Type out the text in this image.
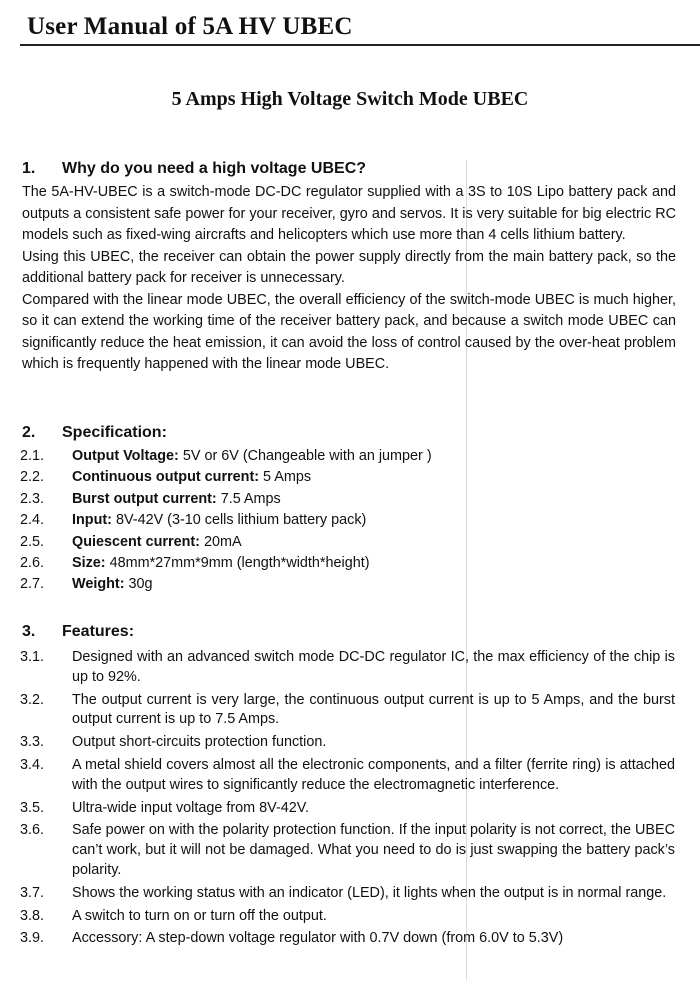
User Manual of 5A HV UBEC
5 Amps High Voltage Switch Mode UBEC
1. Why do you need a high voltage UBEC?

The 5A-HV-UBEC is a switch-mode DC-DC regulator supplied with a 3S to 10S Lipo battery pack and outputs a consistent safe power for your receiver, gyro and servos. It is very suitable for big electric RC models such as fixed-wing aircrafts and helicopters which use more than 4 cells lithium battery.

Using this UBEC, the receiver can obtain the power supply directly from the main battery pack, so the additional battery pack for receiver is unnecessary.

Compared with the linear mode UBEC, the overall efficiency of the switch-mode UBEC is much higher, so it can extend the working time of the receiver battery pack, and because a switch mode UBEC can significantly reduce the heat emission, it can avoid the loss of control caused by the over-heat problem which is frequently happened with the linear mode UBEC.

2. Specification:
2.1.	Output Voltage: 5V or 6V (Changeable with an jumper )
2.2.	Continuous output current: 5 Amps
2.3.	Burst output current: 7.5 Amps
2.4.	Input: 8V-42V (3-10 cells lithium battery pack)
2.5.	Quiescent current: 20mA
2.6.	Size: 48mm*27mm*9mm (length*width*height)
2.7.	Weight: 30g
3. Features:
3.1.	Designed with an advanced switch mode DC-DC regulator IC, the max efficiency of the chip is up to 92%.
3.2.	The output current is very large, the continuous output current is up to 5 Amps, and the burst output current is up to 7.5 Amps.
3.3.	Output short-circuits protection function.
3.4.	A metal shield covers almost all the electronic components, and a filter (ferrite ring) is attached with the output wires to significantly reduce the electromagnetic interference.
3.5.	Ultra-wide input voltage from 8V-42V.
3.6.	Safe power on with the polarity protection function. If the input polarity is not correct, the UBEC can’t work, but it will not be damaged. What you need to do is just swapping the battery pack’s polarity.
3.7.	Shows the working status with an indicator (LED), it lights when the output is in normal range.
3.8.	A switch to turn on or turn off the output.
3.9.	Accessory: A step-down voltage regulator with 0.7V down (from 6.0V to 5.3V)
